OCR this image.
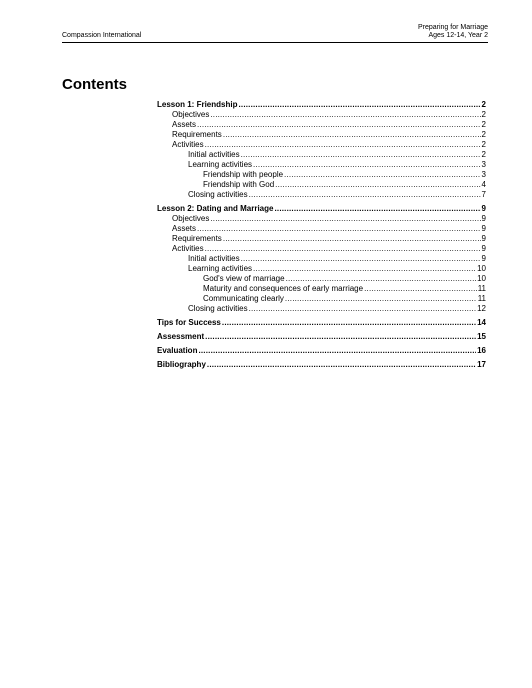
Compassion International
Preparing for Marriage
Ages 12-14, Year 2
Contents
Lesson 1: Friendship .....	2
Objectives .....	2
Assets .....	2
Requirements .....	2
Activities .....	2
Initial activities .....	2
Learning activities .....	3
Friendship with people .....	3
Friendship with God .....	4
Closing activities .....	7
Lesson 2: Dating and Marriage .....	9
Objectives .....	9
Assets .....	9
Requirements .....	9
Activities .....	9
Initial activities .....	9
Learning activities .....	10
God's view of marriage .....	10
Maturity and consequences of early marriage .....	11
Communicating clearly .....	11
Closing activities .....	12
Tips for Success .....	14
Assessment .....	15
Evaluation .....	16
Bibliography .....	17
